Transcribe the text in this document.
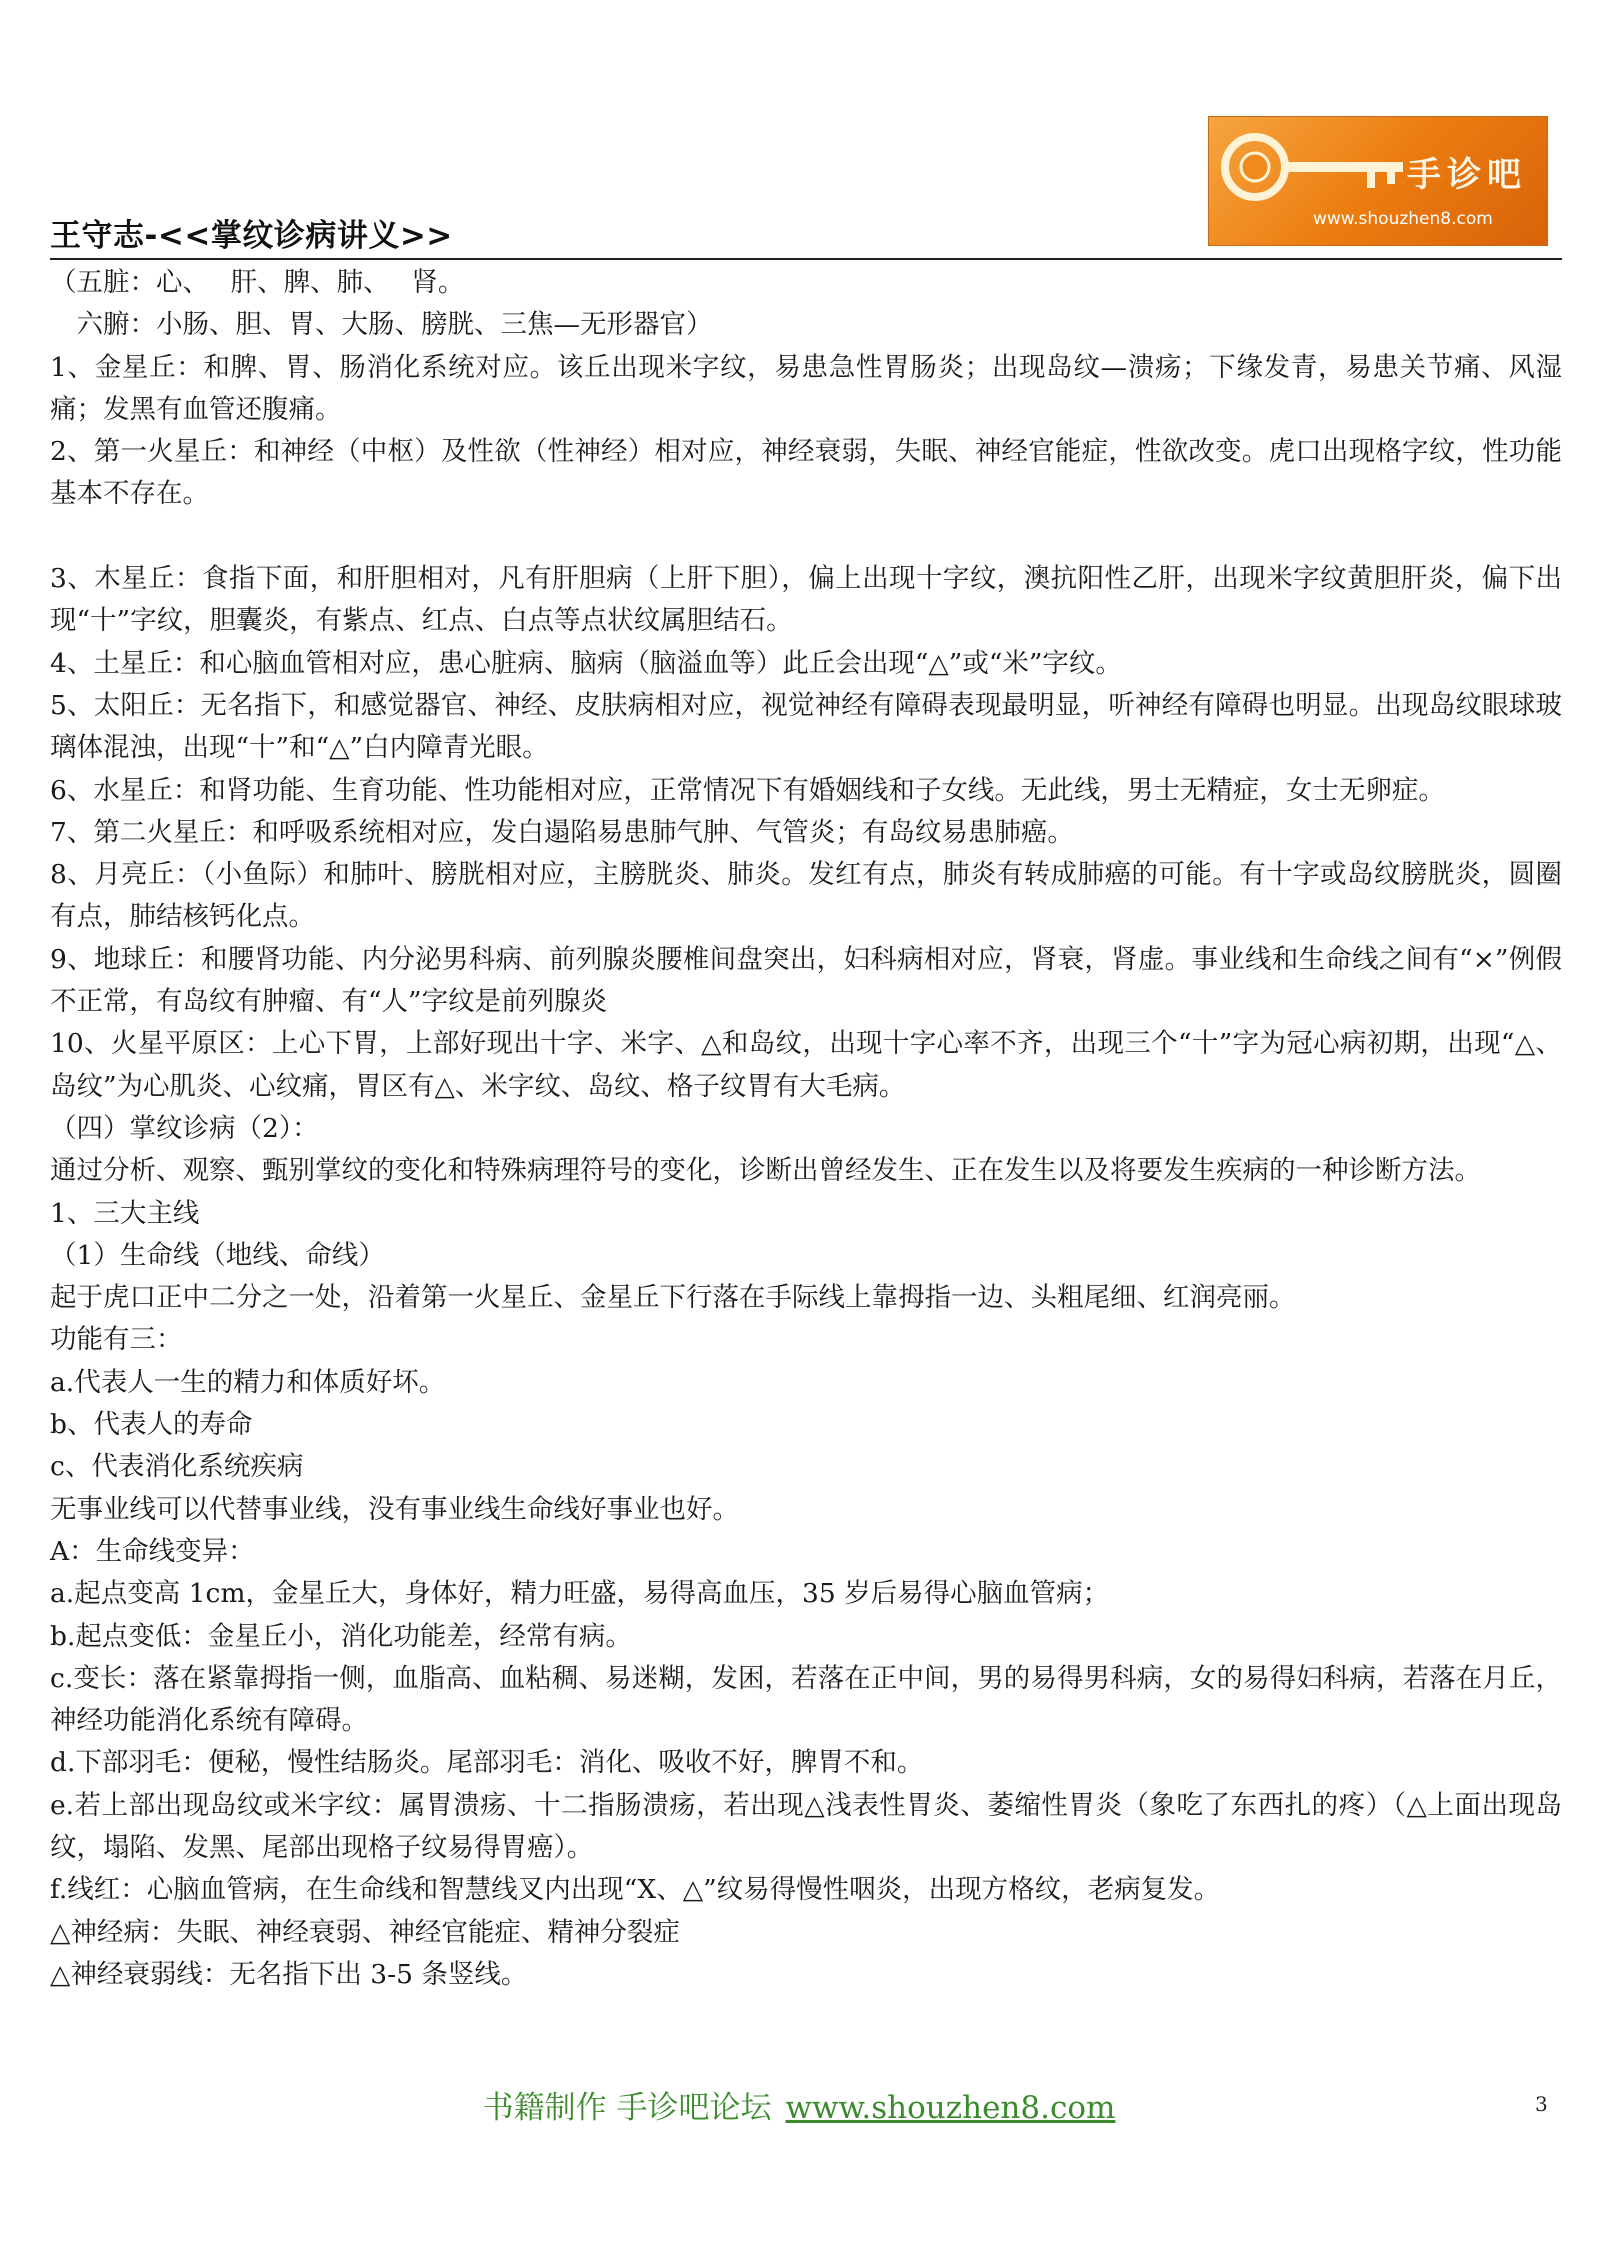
手诊吧
www.shouzhen8.com
王守志-<<掌纹诊病讲义>>

（五脏：心、　 肝、脾、肺、　 肾。

　六腑：小肠、胆、胃、大肠、膀胱、三焦—无形器官）

1、金星丘：和脾、胃、肠消化系统对应。该丘出现米字纹，易患急性胃肠炎；出现岛纹—溃疡；下缘发青，易患关节痛、风湿痛；发黑有血管还腹痛。

2、第一火星丘：和神经（中枢）及性欲（性神经）相对应，神经衰弱，失眠、神经官能症，性欲改变。虎口出现格字纹，性功能基本不存在。

3、木星丘：食指下面，和肝胆相对，凡有肝胆病（上肝下胆），偏上出现十字纹，澳抗阳性乙肝，出现米字纹黄胆肝炎，偏下出现“十”字纹，胆囊炎，有紫点、红点、白点等点状纹属胆结石。

4、土星丘：和心脑血管相对应，患心脏病、脑病（脑溢血等）此丘会出现“△”或“米”字纹。

5、太阳丘：无名指下，和感觉器官、神经、皮肤病相对应，视觉神经有障碍表现最明显，听神经有障碍也明显。出现岛纹眼球玻璃体混浊，出现“十”和“△”白内障青光眼。

6、水星丘：和肾功能、生育功能、性功能相对应，正常情况下有婚姻线和子女线。无此线，男士无精症，女士无卵症。

7、第二火星丘：和呼吸系统相对应，发白遢陷易患肺气肿、气管炎；有岛纹易患肺癌。

8、月亮丘：（小鱼际）和肺叶、膀胱相对应，主膀胱炎、肺炎。发红有点，肺炎有转成肺癌的可能。有十字或岛纹膀胱炎，圆圈有点，肺结核钙化点。

9、地球丘：和腰肾功能、内分泌男科病、前列腺炎腰椎间盘突出，妇科病相对应，肾衰，肾虚。事业线和生命线之间有“×”例假不正常，有岛纹有肿瘤、有“人”字纹是前列腺炎

10、火星平原区：上心下胃，上部好现出十字、米字、△和岛纹，出现十字心率不齐，出现三个“十”字为冠心病初期，出现“△、岛纹”为心肌炎、心纹痛，胃区有△、米字纹、岛纹、格子纹胃有大毛病。

（四）掌纹诊病（2）：

通过分析、观察、甄别掌纹的变化和特殊病理符号的变化，诊断出曾经发生、正在发生以及将要发生疾病的一种诊断方法。

1、三大主线

（1）生命线（地线、命线）

起于虎口正中二分之一处，沿着第一火星丘、金星丘下行落在手际线上靠拇指一边、头粗尾细、红润亮丽。

功能有三：

a.代表人一生的精力和体质好坏。

b、代表人的寿命

c、代表消化系统疾病

无事业线可以代替事业线，没有事业线生命线好事业也好。

A：生命线变异：

a.起点变高 1cm，金星丘大，身体好，精力旺盛，易得高血压，35 岁后易得心脑血管病；

b.起点变低：金星丘小，消化功能差，经常有病。

c.变长：落在紧靠拇指一侧，血脂高、血粘稠、易迷糊，发困，若落在正中间，男的易得男科病，女的易得妇科病，若落在月丘，神经功能消化系统有障碍。

d.下部羽毛：便秘，慢性结肠炎。尾部羽毛：消化、吸收不好，脾胃不和。

e.若上部出现岛纹或米字纹：属胃溃疡、十二指肠溃疡，若出现△浅表性胃炎、萎缩性胃炎（象吃了东西扎的疼）（△上面出现岛纹，塌陷、发黑、尾部出现格子纹易得胃癌）。

f.线红：心脑血管病，在生命线和智慧线叉内出现“X、△”纹易得慢性咽炎，出现方格纹，老病复发。

△神经病：失眠、神经衰弱、神经官能症、精神分裂症

△神经衰弱线：无名指下出 3-5 条竖线。

书籍制作 手诊吧论坛 www.shouzhen8.com	3
